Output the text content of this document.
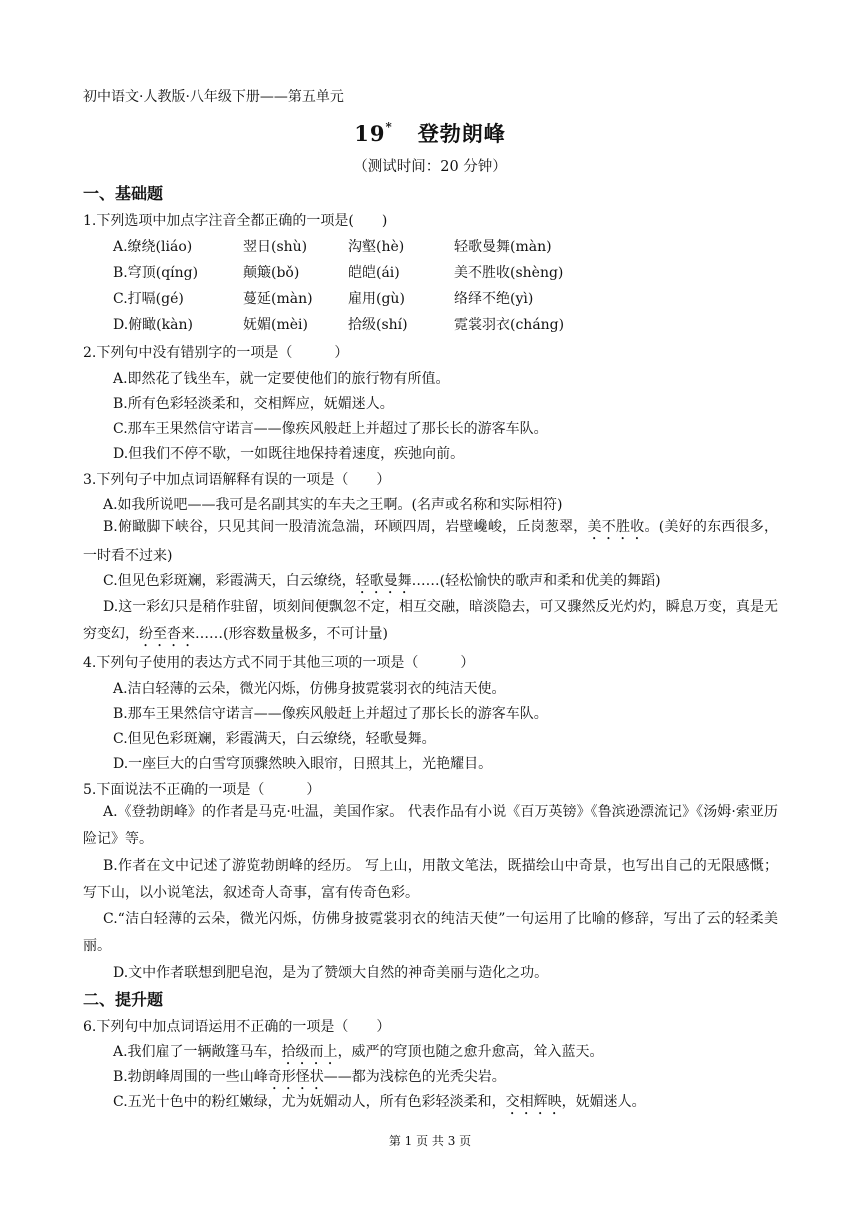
初中语文·人教版·八年级下册——第五单元
19* 登勃朗峰
（测试时间：20 分钟）
一、基础题
1.下列选项中加点字注音全都正确的一项是(　　)
A.缭绕(liáo)	翌日(shù)	沟壑(hè)	轻歌曼舞(màn)
B.穹顶(qíng)	颠簸(bǒ)	皑皑(ái)	美不胜收(shèng)
C.打嗝(gé)	蔓延(màn)	雇用(gù)	络绎不绝(yì)
D.俯瞰(kàn)	妩媚(mèi)	拾级(shí)	霓裳羽衣(cháng)
2.下列句中没有错别字的一项是（　　　）
A.即然花了钱坐车，就一定要使他们的旅行物有所值。
B.所有色彩轻淡柔和，交相辉应，妩媚迷人。
C.那车王果然信守诺言——像疾风般赶上并超过了那长长的游客车队。
D.但我们不停不歇，一如既往地保持着速度，疾弛向前。
3.下列句子中加点词语解释有误的一项是（　　）
A.如我所说吧——我可是名副其实的车夫之王啊。(名声或名称和实际相符)
B.俯瞰脚下峡谷，只见其间一股清流急湍，环顾四周，岩壁巉峻，丘岗葱翠，美不胜收。(美好的东西很多，一时看不过来)
C.但见色彩斑斓，彩霞满天，白云缭绕，轻歌曼舞……(轻松愉快的歌声和柔和优美的舞蹈)
D.这一彩幻只是稍作驻留，顷刻间便飘忽不定，相互交融，暗淡隐去，可又骤然反光灼灼，瞬息万变，真是无穷变幻，纷至沓来……(形容数量极多，不可计量)
4.下列句子使用的表达方式不同于其他三项的一项是（　　　）
A.洁白轻薄的云朵，微光闪烁，仿佛身披霓裳羽衣的纯洁天使。
B.那车王果然信守诺言——像疾风般赶上并超过了那长长的游客车队。
C.但见色彩斑斓，彩霞满天，白云缭绕，轻歌曼舞。
D.一座巨大的白雪穹顶骤然映入眼帘，日照其上，光艳耀目。
5.下面说法不正确的一项是（　　　）
A.《登勃朗峰》的作者是马克·吐温，美国作家。 代表作品有小说《百万英镑》《鲁滨逊漂流记》《汤姆·索亚历险记》等。
B.作者在文中记述了游览勃朗峰的经历。 写上山，用散文笔法，既描绘山中奇景，也写出自己的无限感慨；写下山，以小说笔法，叙述奇人奇事，富有传奇色彩。
C.“洁白轻薄的云朵，微光闪烁，仿佛身披霓裳羽衣的纯洁天使”一句运用了比喻的修辞，写出了云的轻柔美丽。
D.文中作者联想到肥皂泡，是为了赞颂大自然的神奇美丽与造化之功。
二、提升题
6.下列句中加点词语运用不正确的一项是（　　）
A.我们雇了一辆敞篷马车，拾级而上，威严的穹顶也随之愈升愈高，耸入蓝天。
B.勃朗峰周围的一些山峰奇形怪状——都为浅棕色的光秃尖岩。
C.五光十色中的粉红嫩绿，尤为妩媚动人，所有色彩轻淡柔和，交相辉映，妩媚迷人。
第 1 页 共 3 页
